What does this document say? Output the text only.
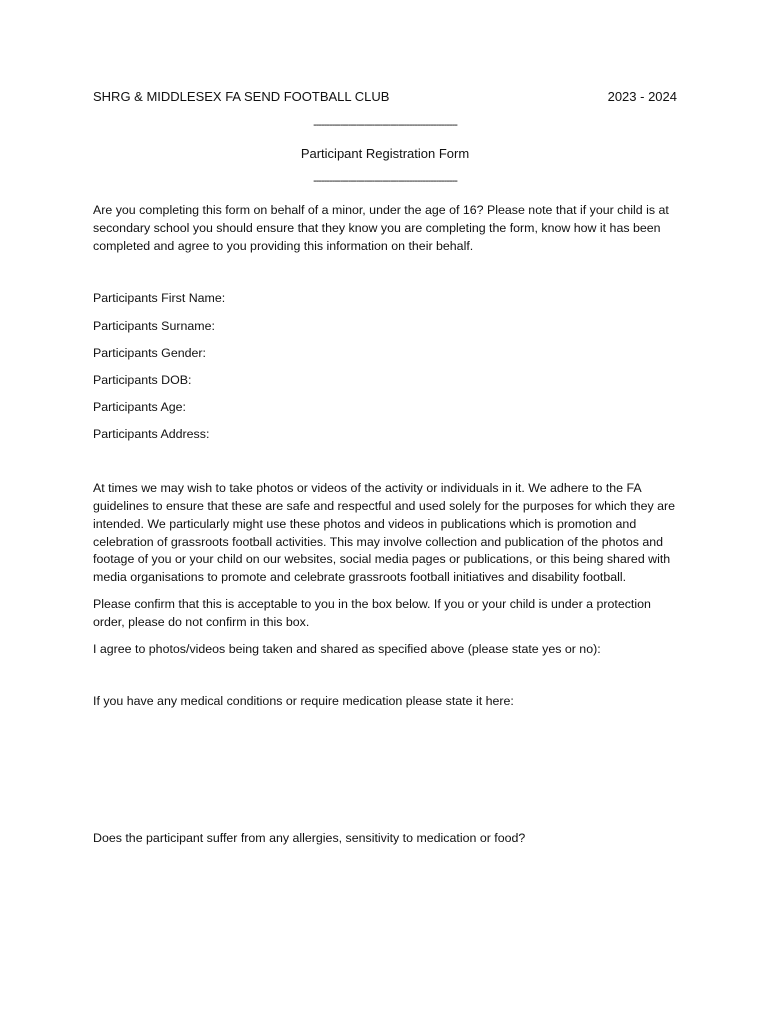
SHRG & MIDDLESEX FA SEND FOOTBALL CLUB	2023 - 2024
------------------------------------------------------
Participant Registration Form
------------------------------------------------------

Are you completing this form on behalf of a minor, under the age of 16? Please note that if your child is at secondary school you should ensure that they know you are completing the form, know how it has been completed and agree to you providing this information on their behalf.

Participants First Name:
Participants Surname:
Participants Gender:
Participants DOB:
Participants Age:
Participants Address:

At times we may wish to take photos or videos of the activity or individuals in it. We adhere to the FA guidelines to ensure that these are safe and respectful and used solely for the purposes for which they are intended. We particularly might use these photos and videos in publications which is promotion and celebration of grassroots football activities. This may involve collection and publication of the photos and footage of you or your child on our websites, social media pages or publications, or this being shared with media organisations to promote and celebrate grassroots football initiatives and disability football.

Please confirm that this is acceptable to you in the box below. If you or your child is under a protection order, please do not confirm in this box.

I agree to photos/videos being taken and shared as specified above (please state yes or no):

If you have any medical conditions or require medication please state it here:

Does the participant suffer from any allergies, sensitivity to medication or food?
